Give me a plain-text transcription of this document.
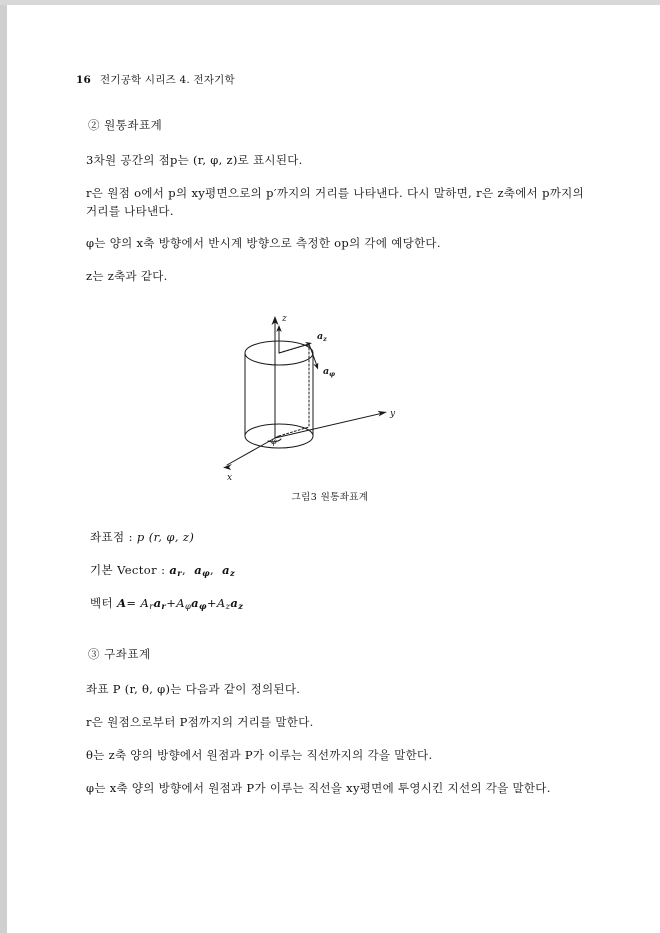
16 전기공학 시리즈 4. 전자기학
② 원통좌표계

3차원 공간의 점p는 (r, φ, z)로 표시된다.

r은 원점 o에서 p의 xy평면으로의 p′까지의 거리를 나타낸다. 다시 말하면, r은 z축에서 p까지의 거리를 나타낸다.

φ는 양의 x축 방향에서 반시계 방향으로 측정한 op의 각에 예당한다.

z는 z축과 같다.

z
y
x
$a_z$
$a_\varphi$
φ
그림3 원통좌표계

좌표점 : p (r, φ, z)

기본 Vector : $a_r$,  $a_\varphi$,  $a_z$

벡터 $A= A_ra_r+A_\varphi a_\varphi+A_za_z$

③ 구좌표계

좌표 P (r, θ, φ)는 다음과 같이 정의된다.

r은 원점으로부터 P점까지의 거리를 말한다.

θ는 z축 양의 방향에서 원점과 P가 이루는 직선까지의 각을 말한다.

φ는 x축 양의 방향에서 원점과 P가 이루는 직선을 xy평면에 투영시킨 지선의 각을 말한다.
